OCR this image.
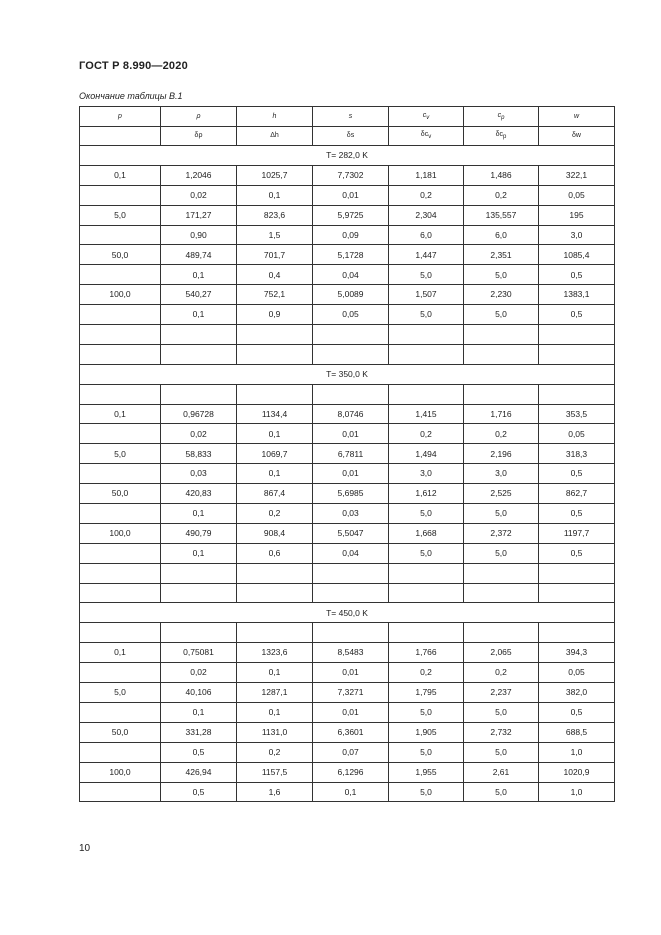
ГОСТ Р 8.990—2020
Окончание таблицы В.1
p	ρ	h	s	$c_v$	$c_p$	w
	δρ	Δh	δs	$\delta c_v$	$\delta c_p$	δw
T= 282,0 K						
0,1	1,2046	1025,7	7,7302	1,181	1,486	322,1
	0,02	0,1	0,01	0,2	0,2	0,05
5,0	171,27	823,6	5,9725	2,304	135,557	195
	0,90	1,5	0,09	6,0	6,0	3,0
50,0	489,74	701,7	5,1728	1,447	2,351	1085,4
	0,1	0,4	0,04	5,0	5,0	0,5
100,0	540,27	752,1	5,0089	1,507	2,230	1383,1
	0,1	0,9	0,05	5,0	5,0	0,5

T= 350,0 K						

0,1	0,96728	1134,4	8,0746	1,415	1,716	353,5
	0,02	0,1	0,01	0,2	0,2	0,05
5,0	58,833	1069,7	6,7811	1,494	2,196	318,3
	0,03	0,1	0,01	3,0	3,0	0,5
50,0	420,83	867,4	5,6985	1,612	2,525	862,7
	0,1	0,2	0,03	5,0	5,0	0,5
100,0	490,79	908,4	5,5047	1,668	2,372	1197,7
	0,1	0,6	0,04	5,0	5,0	0,5

T= 450,0 K						

0,1	0,75081	1323,6	8,5483	1,766	2,065	394,3
	0,02	0,1	0,01	0,2	0,2	0,05
5,0	40,106	1287,1	7,3271	1,795	2,237	382,0
	0,1	0,1	0,01	5,0	5,0	0,5
50,0	331,28	1131,0	6,3601	1,905	2,732	688,5
	0,5	0,2	0,07	5,0	5,0	1,0
100,0	426,94	1157,5	6,1296	1,955	2,61	1020,9
	0,5	1,6	0,1	5,0	5,0	1,0
10
